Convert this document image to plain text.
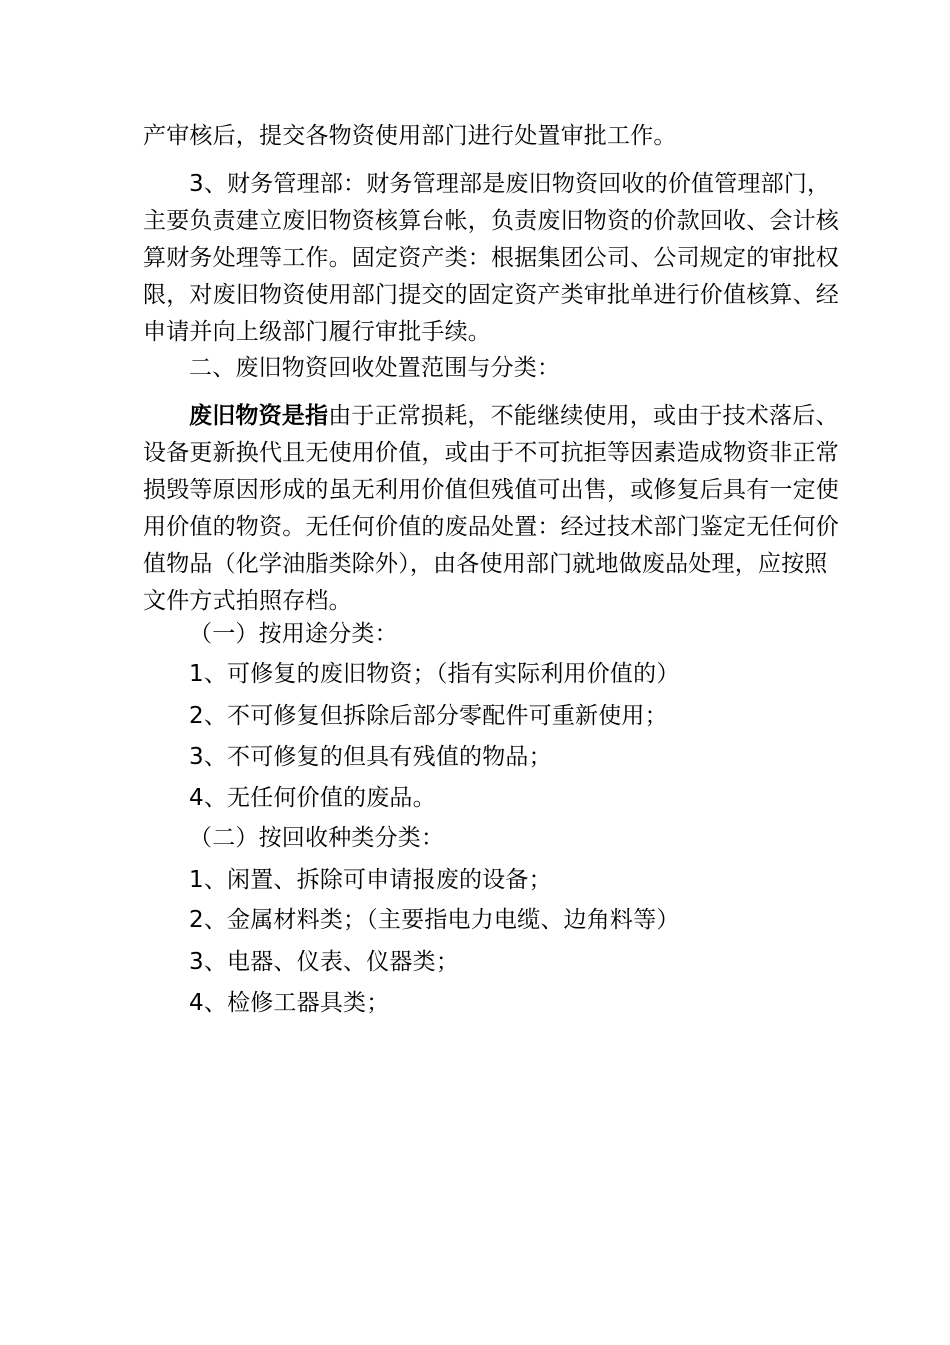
产审核后，提交各物资使用部门进行处置审批工作。
3、财务管理部：财务管理部是废旧物资回收的价值管理部门，
主要负责建立废旧物资核算台帐，负责废旧物资的价款回收、会计核
算财务处理等工作。固定资产类：根据集团公司、公司规定的审批权
限，对废旧物资使用部门提交的固定资产类审批单进行价值核算、经
申请并向上级部门履行审批手续。
二、废旧物资回收处置范围与分类：
废旧物资是指由于正常损耗，不能继续使用，或由于技术落后、
设备更新换代且无使用价值，或由于不可抗拒等因素造成物资非正常
损毁等原因形成的虽无利用价值但残值可出售，或修复后具有一定使
用价值的物资。无任何价值的废品处置：经过技术部门鉴定无任何价
值物品（化学油脂类除外），由各使用部门就地做废品处理，应按照
文件方式拍照存档。
（一）按用途分类：
1、可修复的废旧物资；（指有实际利用价值的）
2、不可修复但拆除后部分零配件可重新使用；
3、不可修复的但具有残值的物品；
4、无任何价值的废品。
（二）按回收种类分类：
1、闲置、拆除可申请报废的设备；
2、金属材料类；（主要指电力电缆、边角料等）
3、电器、仪表、仪器类；
4、检修工器具类；
